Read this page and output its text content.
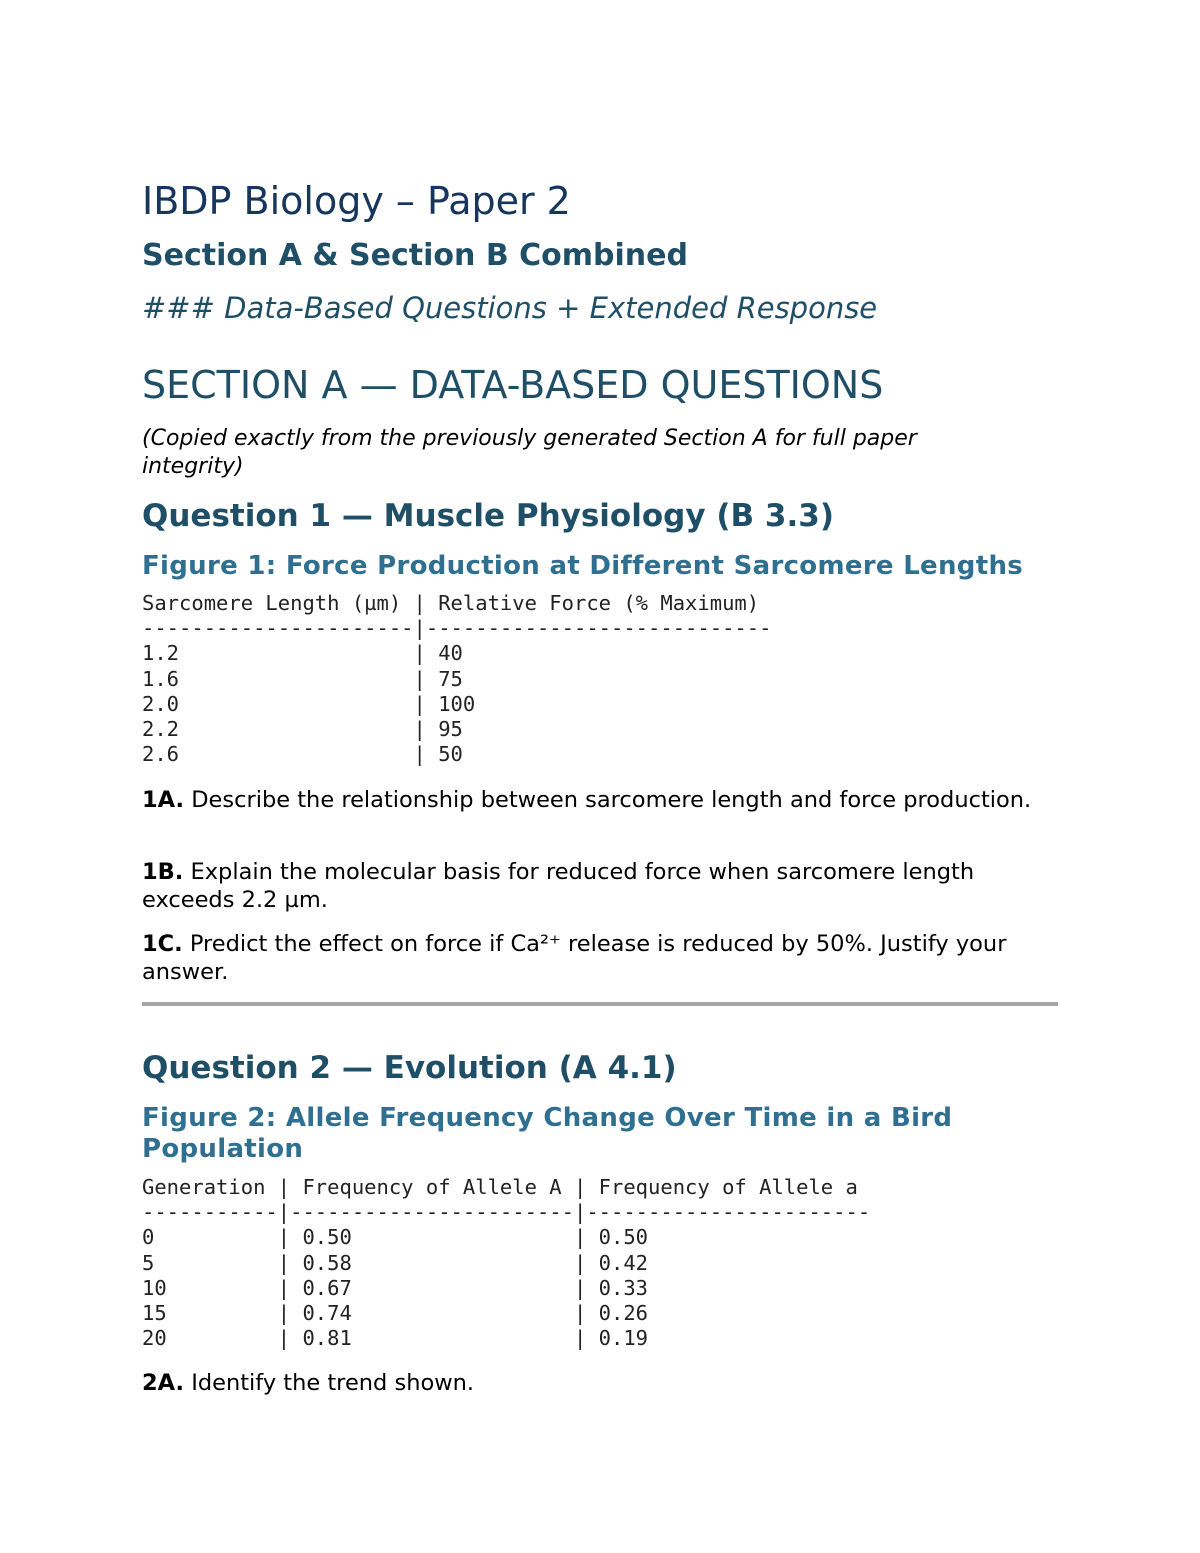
IBDP Biology – Paper 2
Section A & Section B Combined
### Data-Based Questions + Extended Response
SECTION A — DATA-BASED QUESTIONS

(Copied exactly from the previously generated Section A for full paper integrity)

Question 1 — Muscle Physiology (B 3.3)
Figure 1: Force Production at Different Sarcomere Lengths
Sarcomere Length (µm) | Relative Force (% Maximum)
----------------------|----------------------------
1.2                   | 40
1.6                   | 75
2.0                   | 100
2.2                   | 95
2.6                   | 50

1A. Describe the relationship between sarcomere length and force production.

1B. Explain the molecular basis for reduced force when sarcomere length exceeds 2.2 µm.

1C. Predict the effect on force if Ca²⁺ release is reduced by 50%. Justify your answer.

Question 2 — Evolution (A 4.1)
Figure 2: Allele Frequency Change Over Time in a Bird Population
Generation | Frequency of Allele A | Frequency of Allele a
-----------|-----------------------|-----------------------
0          | 0.50                  | 0.50
5          | 0.58                  | 0.42
10         | 0.67                  | 0.33
15         | 0.74                  | 0.26
20         | 0.81                  | 0.19

2A. Identify the trend shown.
